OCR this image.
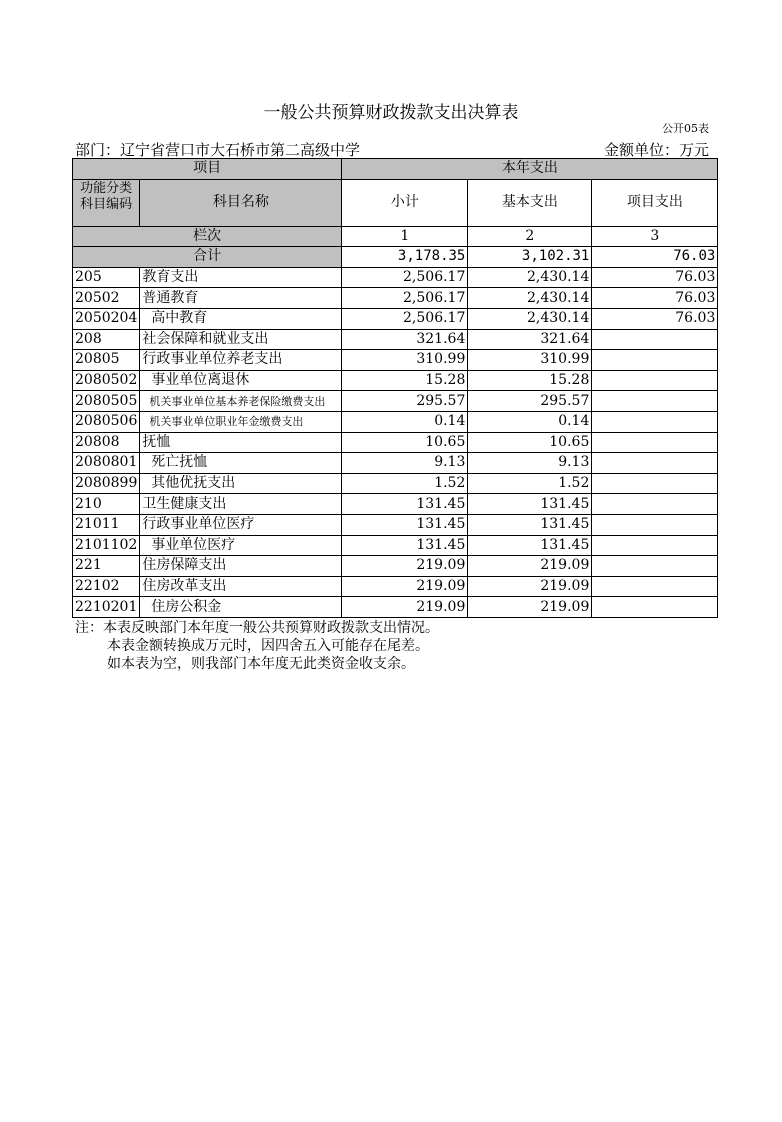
一般公共预算财政拨款支出决算表
公开05表
部门：辽宁省营口市大石桥市第二高级中学	金额单位：万元
项目		本年支出		
功能分类科目编码	科目名称	小计	基本支出	项目支出
栏次		1	2	3
合计		3,178.35	3,102.31	76.03
205	教育支出	2,506.17	2,430.14	76.03
20502	普通教育	2,506.17	2,430.14	76.03
2050204	高中教育	2,506.17	2,430.14	76.03
208	社会保障和就业支出	321.64	321.64	
20805	行政事业单位养老支出	310.99	310.99	
2080502	事业单位离退休	15.28	15.28	
2080505	机关事业单位基本养老保险缴费支出	295.57	295.57	
2080506	机关事业单位职业年金缴费支出	0.14	0.14	
20808	抚恤	10.65	10.65	
2080801	死亡抚恤	9.13	9.13	
2080899	其他优抚支出	1.52	1.52	
210	卫生健康支出	131.45	131.45	
21011	行政事业单位医疗	131.45	131.45	
2101102	事业单位医疗	131.45	131.45	
221	住房保障支出	219.09	219.09	
22102	住房改革支出	219.09	219.09	
2210201	住房公积金	219.09	219.09	
注：本表反映部门本年度一般公共预算财政拨款支出情况。
本表金额转换成万元时，因四舍五入可能存在尾差。
如本表为空，则我部门本年度无此类资金收支余。
